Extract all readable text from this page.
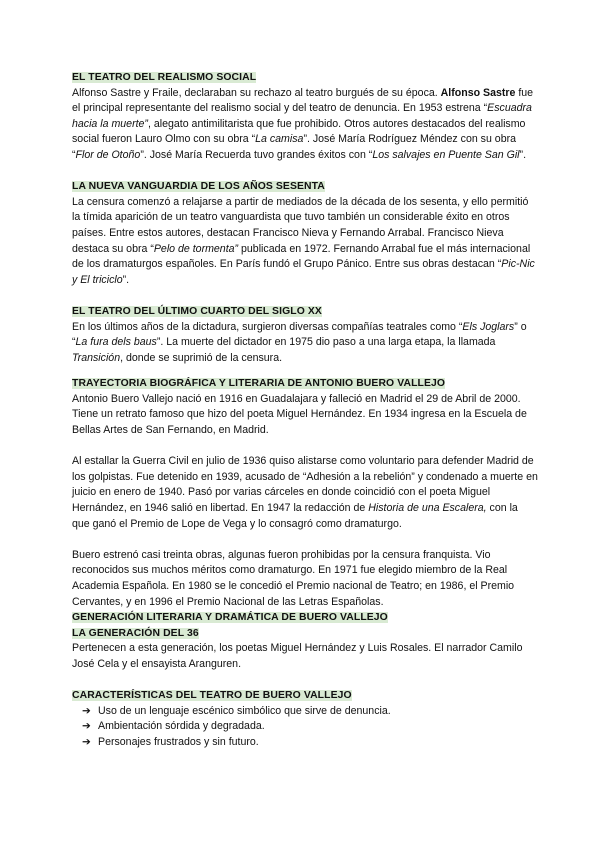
EL TEATRO DEL REALISMO SOCIAL

Alfonso Sastre y Fraile, declaraban su rechazo al teatro burgués de su época. Alfonso Sastre fue el principal representante del realismo social y del teatro de denuncia. En 1953 estrena “Escuadra hacia la muerte”, alegato antimilitarista que fue prohibido. Otros autores destacados del realismo social fueron Lauro Olmo con su obra “La camisa”. José María Rodríguez Méndez con su obra “Flor de Otoño”. José María Recuerda tuvo grandes éxitos con “Los salvajes en Puente San Gil”.

LA NUEVA VANGUARDIA DE LOS AÑOS SESENTA

La censura comenzó a relajarse a partir de mediados de la década de los sesenta, y ello permitió la tímida aparición de un teatro vanguardista que tuvo también un considerable éxito en otros países. Entre estos autores, destacan Francisco Nieva y Fernando Arrabal. Francisco Nieva destaca su obra “Pelo de tormenta” publicada en 1972. Fernando Arrabal fue el más internacional de los dramaturgos españoles. En París fundó el Grupo Pánico. Entre sus obras destacan “Pic-Nic y El triciclo”.

EL TEATRO DEL ÚLTIMO CUARTO DEL SIGLO XX

En los últimos años de la dictadura, surgieron diversas compañías teatrales como “Els Joglars” o “La fura dels baus”. La muerte del dictador en 1975 dio paso a una larga etapa, la llamada Transición, donde se suprimió de la censura.

TRAYECTORIA BIOGRÁFICA Y LITERARIA DE ANTONIO BUERO VALLEJO

Antonio Buero Vallejo nació en 1916 en Guadalajara y falleció en Madrid el 29 de Abril de 2000. Tiene un retrato famoso que hizo del poeta Miguel Hernández. En 1934 ingresa en la Escuela de Bellas Artes de San Fernando, en Madrid.

Al estallar la Guerra Civil en julio de 1936 quiso alistarse como voluntario para defender Madrid de los golpistas. Fue detenido en 1939, acusado de “Adhesión a la rebelión” y condenado a muerte en juicio en enero de 1940. Pasó por varias cárceles en donde coincidió con el poeta Miguel Hernández, en 1946 salió en libertad. En 1947 la redacción de Historia de una Escalera, con la que ganó el Premio de Lope de Vega y lo consagró como dramaturgo.

Buero estrenó casi treinta obras, algunas fueron prohibidas por la censura franquista. Vio reconocidos sus muchos méritos como dramaturgo. En 1971 fue elegido miembro de la Real Academia Española. En 1980 se le concedió el Premio nacional de Teatro; en 1986, el Premio Cervantes, y en 1996 el Premio Nacional de las Letras Españolas.

GENERACIÓN LITERARIA Y DRAMÁTICA DE BUERO VALLEJO
LA GENERACIÓN DEL 36

Pertenecen a esta generación, los poetas Miguel Hernández y Luis Rosales. El narrador Camilo José Cela y el ensayista Aranguren.

CARACTERÍSTICAS DEL TEATRO DE BUERO VALLEJO
➔ Uso de un lenguaje escénico simbólico que sirve de denuncia.
➔ Ambientación sórdida y degradada.
➔ Personajes frustrados y sin futuro.
